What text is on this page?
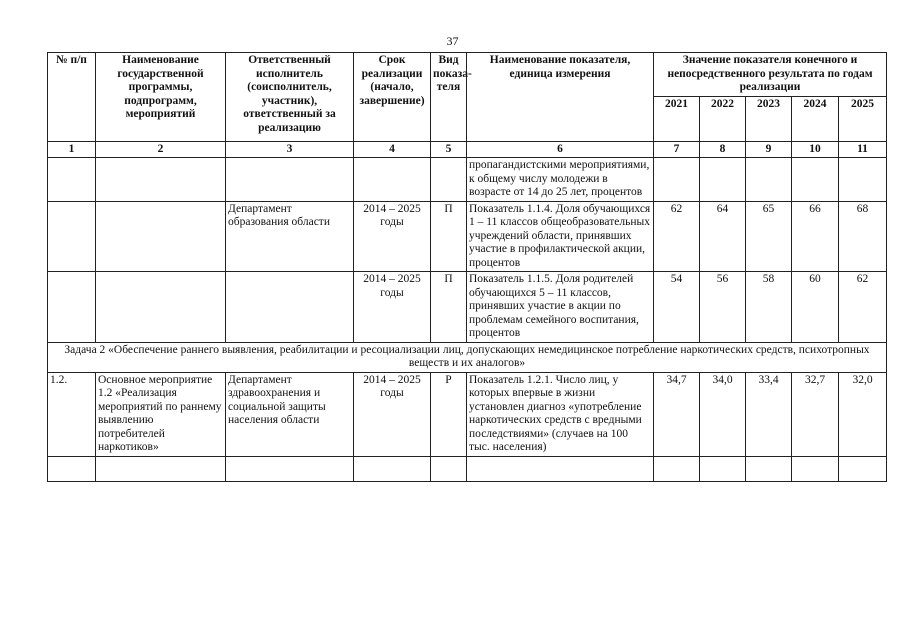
37
№ п/п	Наименование государственной программы, подпрограмм, мероприятий	Ответственный исполнитель (соисполнитель, участник), ответственный за реализацию	Срок реализации (начало, завершение)	Вид показа-теля	Наименование показателя, единица измерения	Значение показателя конечного и непосредственного результата по годам реализации				
						2021	2022	2023	2024	2025
1	2	3	4	5	6	7	8	9	10	11
					пропагандистскими мероприятиями, к общему числу молодежи в возрасте от 14 до 25 лет, процентов					
		Департамент образования области	2014 – 2025 годы	П	Показатель 1.1.4. Доля обучающихся 1 – 11 классов общеобразовательных учреждений области, принявших участие в профилактической акции, процентов	62	64	65	66	68
			2014 – 2025 годы	П	Показатель 1.1.5. Доля родителей обучающихся 5 – 11 классов, принявших участие в акции по проблемам семейного воспитания, процентов	54	56	58	60	62
Задача 2 «Обеспечение раннего выявления, реабилитации и ресоциализации лиц, допускающих немедицинское потребление наркотических средств, психотропных веществ и их аналогов»										
1.2.	Основное мероприятие 1.2 «Реализация мероприятий по раннему выявлению потребителей наркотиков»	Департамент здравоохранения и социальной защиты населения области	2014 – 2025 годы	Р	Показатель 1.2.1. Число лиц, у которых впервые в жизни установлен диагноз «употребление наркотических средств с вредными последствиями» (случаев на 100 тыс. населения)	34,7	34,0	33,4	32,7	32,0
